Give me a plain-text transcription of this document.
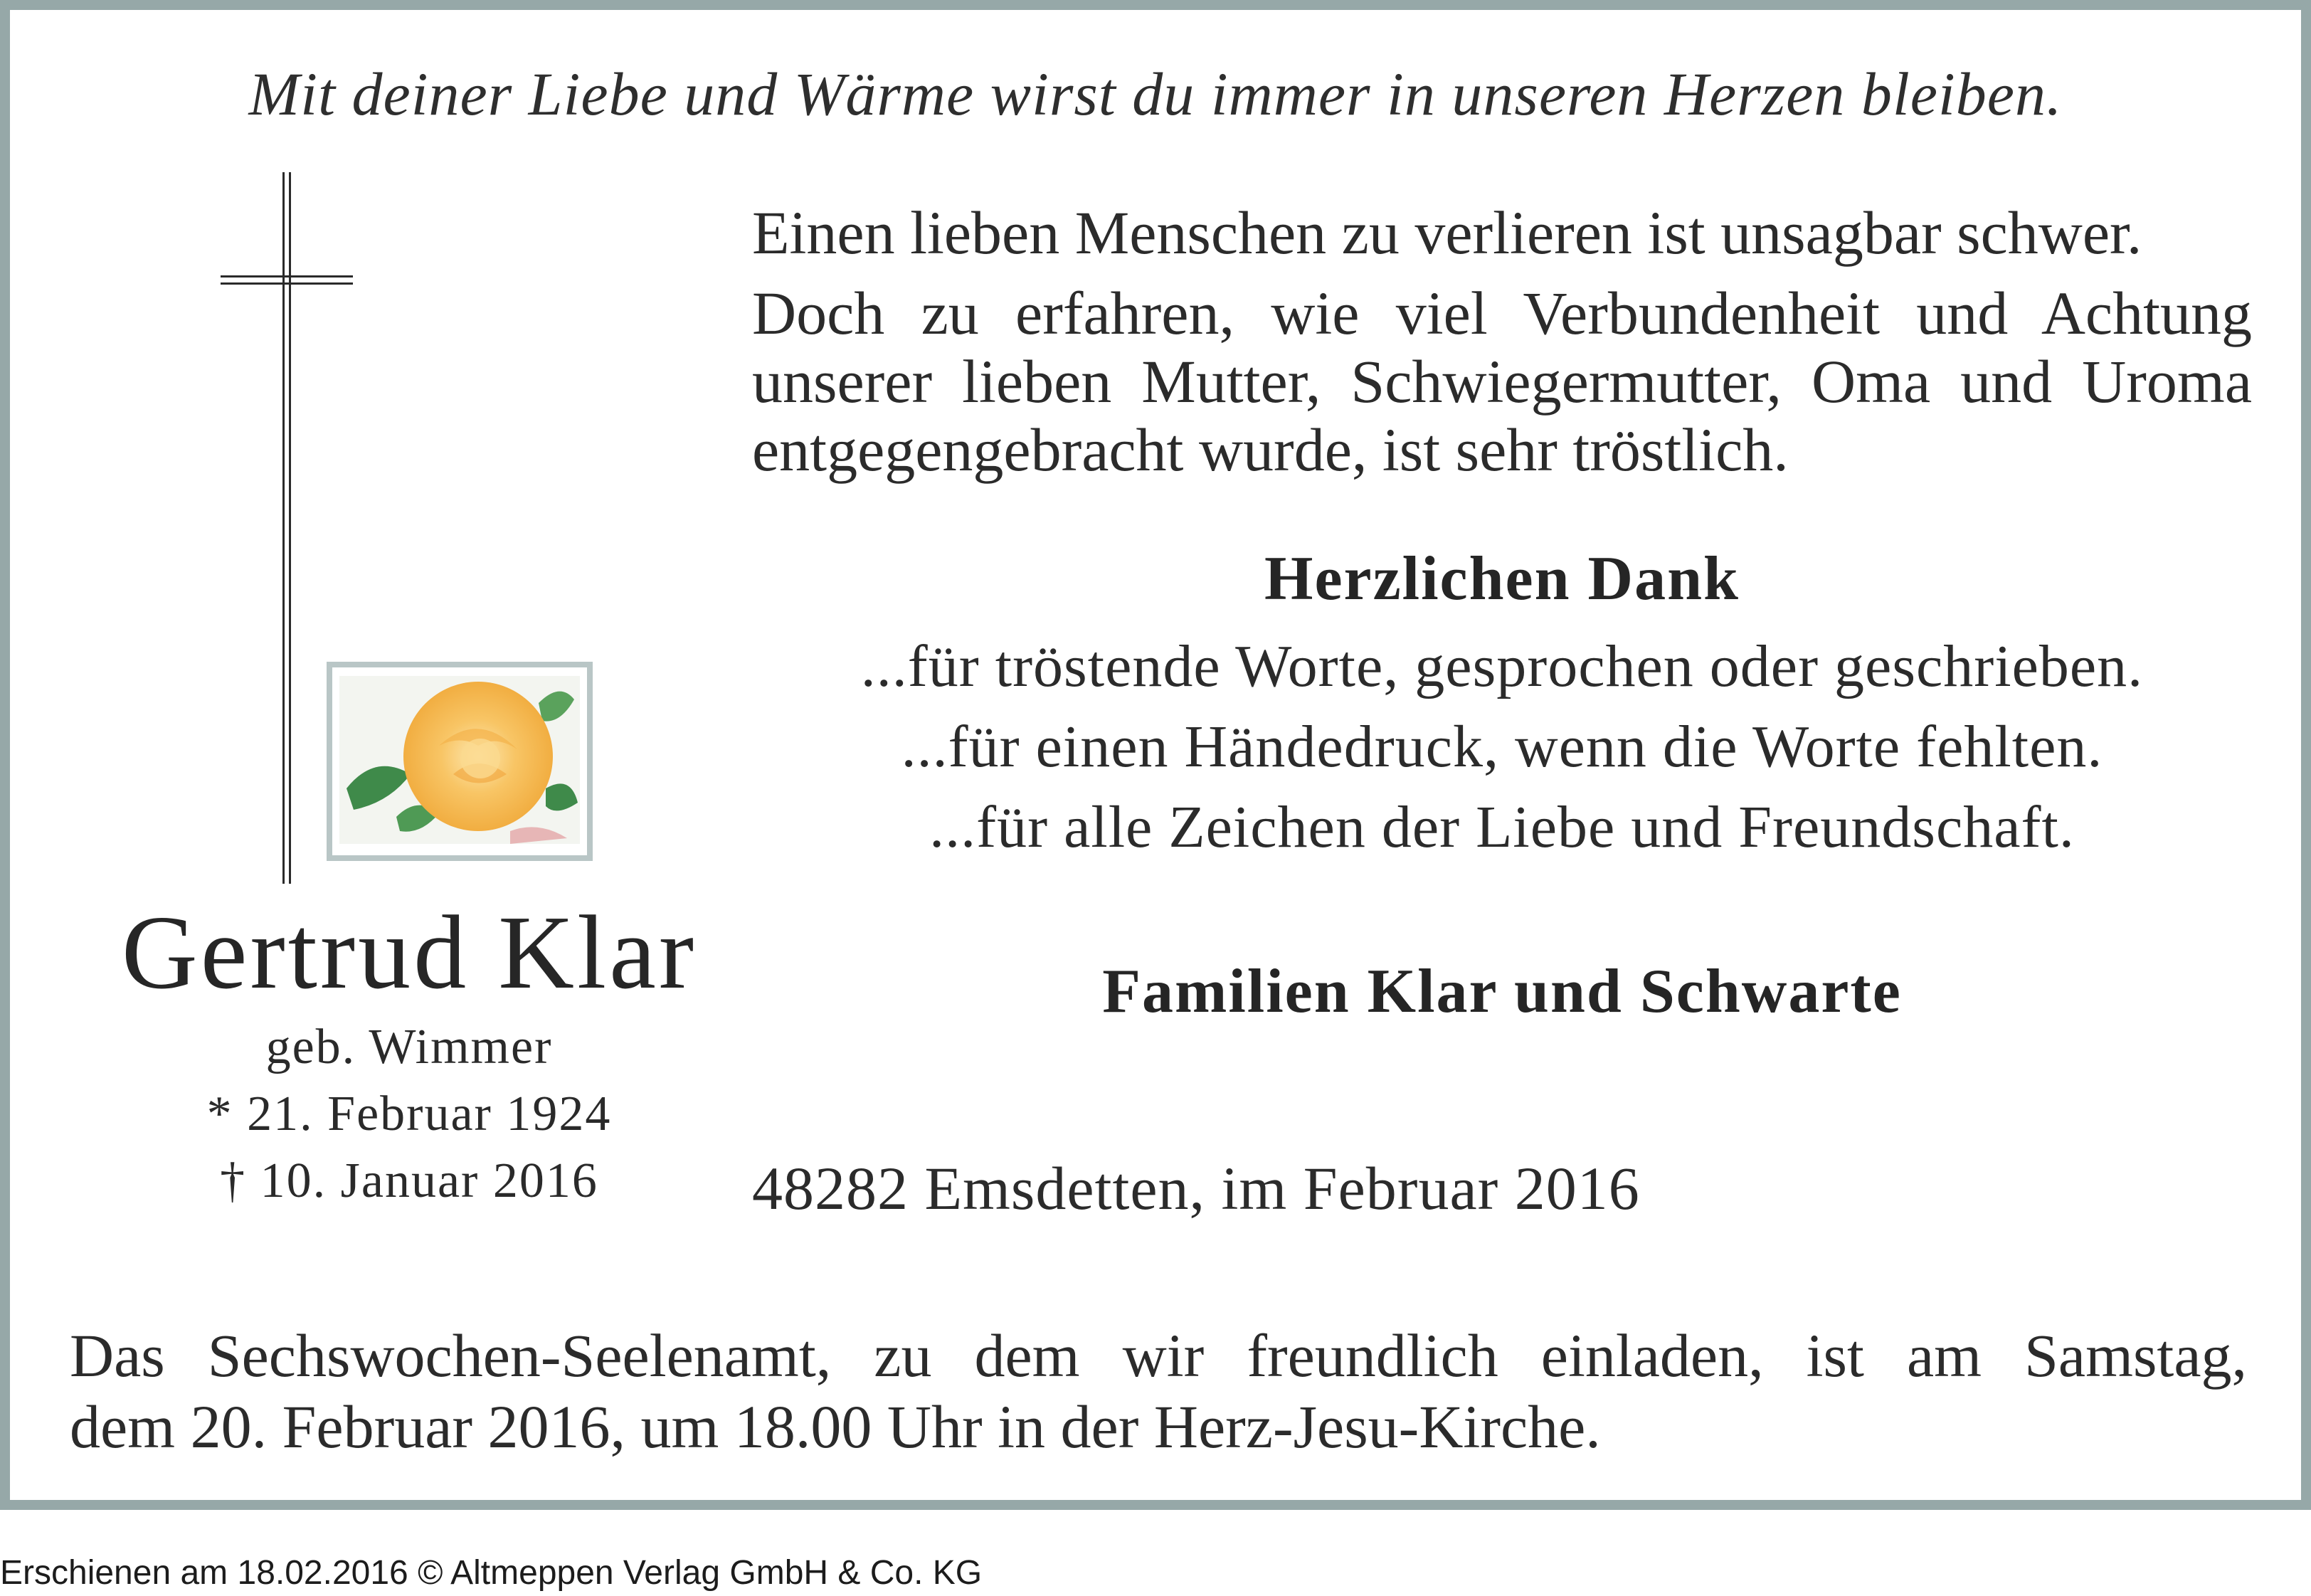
Mit deiner Liebe und Wärme wirst du immer in unseren Herzen bleiben.

Gertrud Klar

geb. Wimmer

* 21. Februar 1924

† 10. Januar 2016

Einen lieben Menschen zu verlieren ist unsagbar schwer.

Doch zu erfahren, wie viel Verbundenheit und Achtung
unserer lieben Mutter, Schwiegermutter, Oma und Uroma
entgegengebracht wurde, ist sehr tröstlich.

Herzlichen Dank

...für tröstende Worte, gesprochen oder geschrieben.

...für einen Händedruck, wenn die Worte fehlten.

...für alle Zeichen der Liebe und Freundschaft.

Familien Klar und Schwarte

48282 Emsdetten, im Februar 2016

Das Sechswochen-Seelenamt, zu dem wir freundlich einladen, ist am Samstag,
dem 20. Februar 2016, um 18.00 Uhr in der Herz-Jesu-Kirche.

Erschienen am 18.02.2016 © Altmeppen Verlag GmbH & Co. KG
